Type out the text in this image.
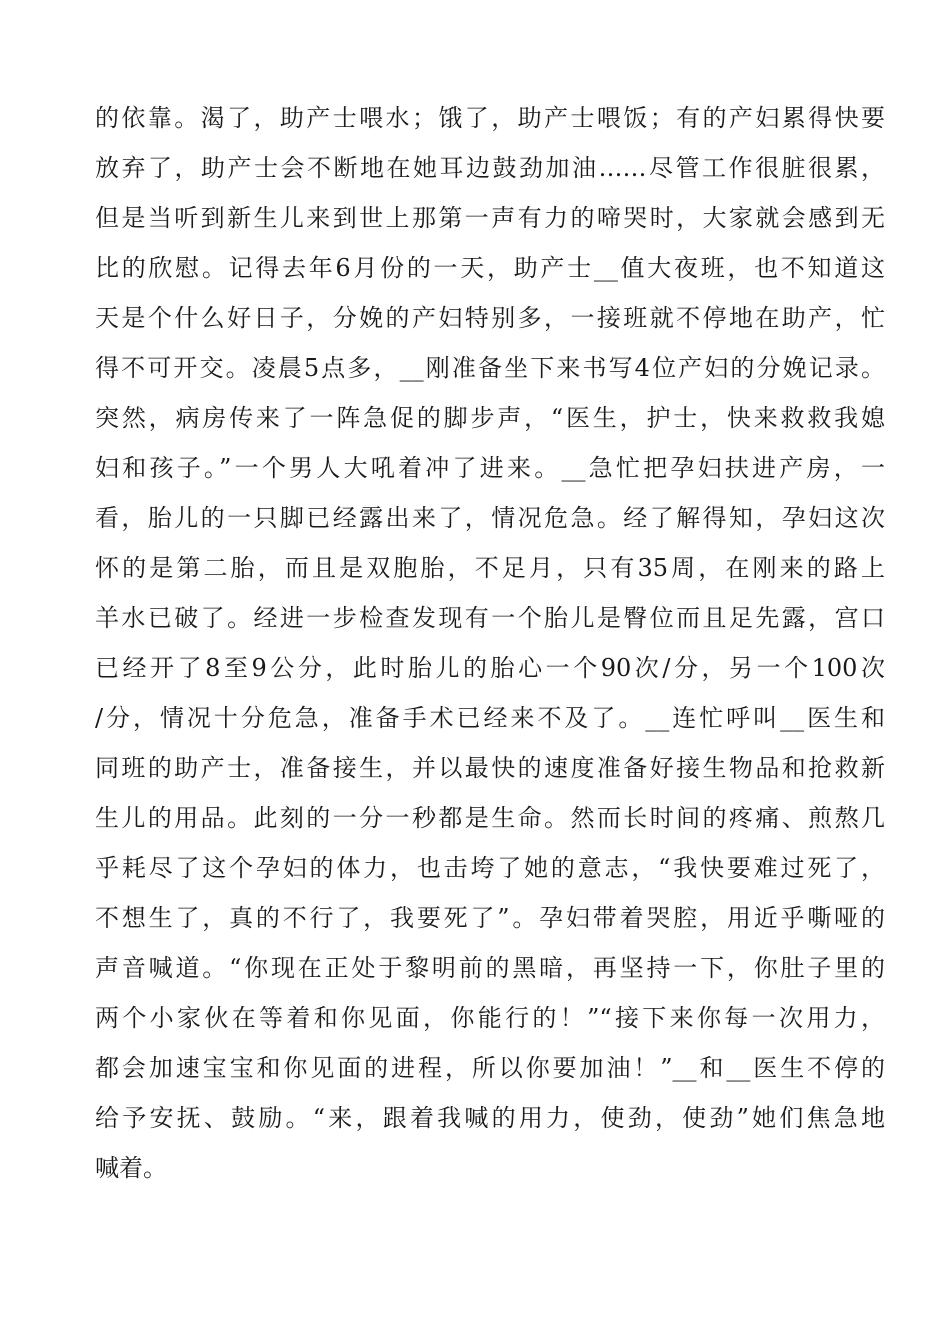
的依靠。渴了，助产士喂水；饿了，助产士喂饭；有的产妇累得快要
放弃了，助产士会不断地在她耳边鼓劲加油……尽管工作很脏很累，
但是当听到新生儿来到世上那第一声有力的啼哭时，大家就会感到无
比的欣慰。记得去年6月份的一天，助产士__值大夜班，也不知道这
天是个什么好日子，分娩的产妇特别多，一接班就不停地在助产，忙
得不可开交。凌晨5点多，__刚准备坐下来书写4位产妇的分娩记录。
突然，病房传来了一阵急促的脚步声，“医生，护士，快来救救我媳
妇和孩子。”一个男人大吼着冲了进来。__急忙把孕妇扶进产房，一
看，胎儿的一只脚已经露出来了，情况危急。经了解得知，孕妇这次
怀的是第二胎，而且是双胞胎，不足月，只有35周，在刚来的路上
羊水已破了。经进一步检查发现有一个胎儿是臀位而且足先露，宫口
已经开了8至9公分，此时胎儿的胎心一个90次/分，另一个100次
/分，情况十分危急，准备手术已经来不及了。__连忙呼叫__医生和
同班的助产士，准备接生，并以最快的速度准备好接生物品和抢救新
生儿的用品。此刻的一分一秒都是生命。然而长时间的疼痛、煎熬几
乎耗尽了这个孕妇的体力，也击垮了她的意志，“我快要难过死了，
不想生了，真的不行了，我要死了”。孕妇带着哭腔，用近乎嘶哑的
声音喊道。“你现在正处于黎明前的黑暗，再坚持一下，你肚子里的
两个小家伙在等着和你见面，你能行的！”“接下来你每一次用力，
都会加速宝宝和你见面的进程，所以你要加油！”__和__医生不停的
给予安抚、鼓励。“来，跟着我喊的用力，使劲，使劲”她们焦急地
喊着。
